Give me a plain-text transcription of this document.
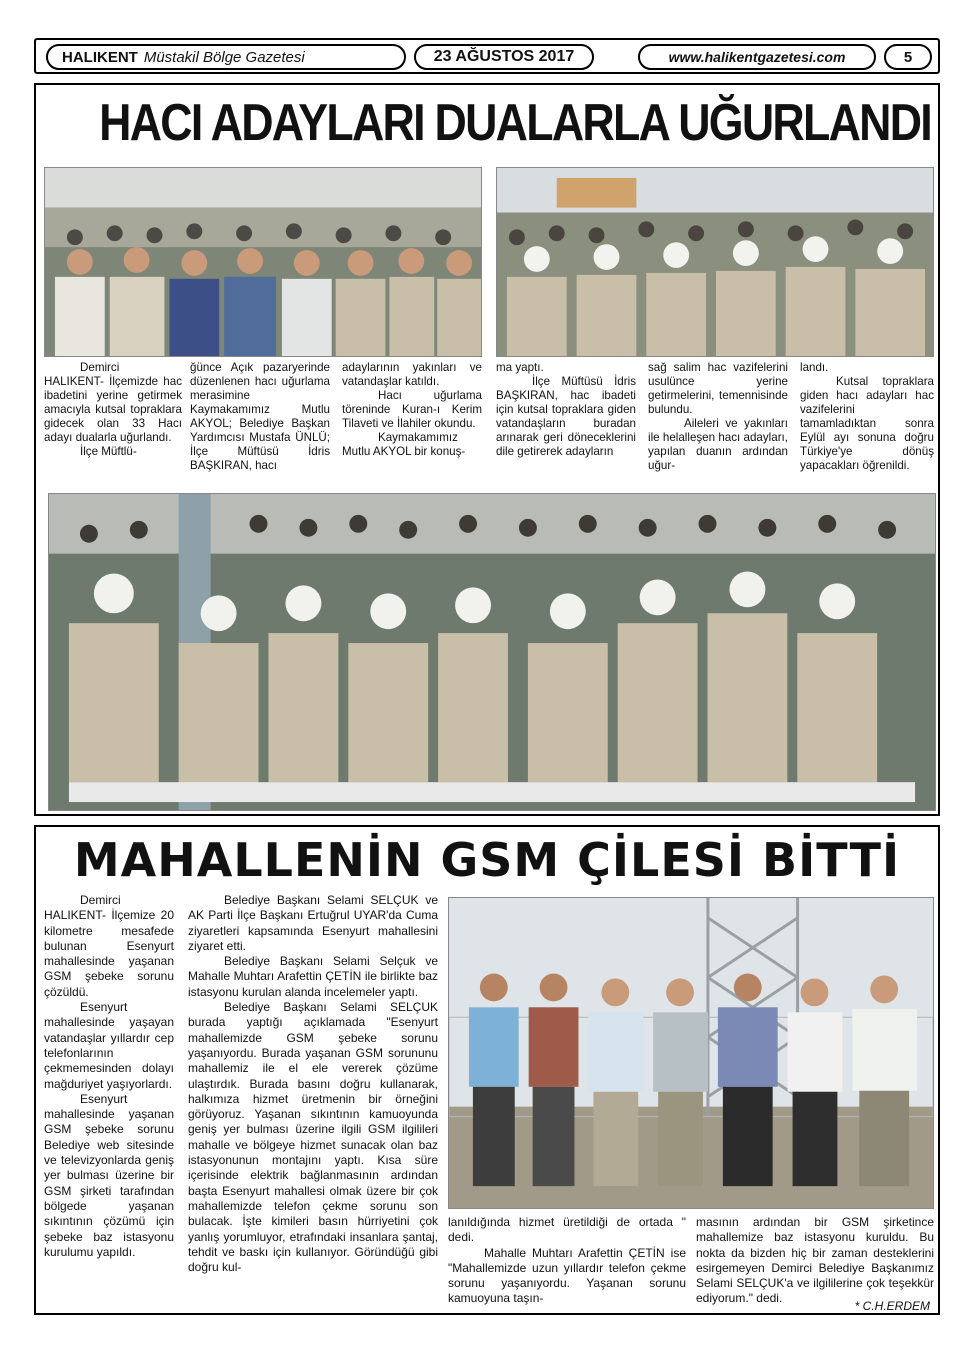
HALIKENT Müstakil Bölge Gazetesi	23 AĞUSTOS 2017	www.halikentgazetesi.com	5
HACI ADAYLARI DUALARLA UĞURLANDI

Demirci HALIKENT- İlçemizde hac ibadetini yerine getirmek amacıyla kutsal topraklara gidecek olan 33 Hacı adayı dualarla uğurlandı.

İlçe Müftlü-

ğünce Açık pazaryerinde düzenlenen hacı uğurlama merasimine Kaymakamımız Mutlu AKYOL; Belediye Başkan Yardımcısı Mustafa ÜNLÜ; İlçe Müftüsü İdris BAŞKIRAN, hacı

adaylarının yakınları ve vatandaşlar katıldı.

Hacı uğurlama töreninde Kuran-ı Kerim Tilaveti ve İlahiler okundu.

Kaymakamımız Mutlu AKYOL bir konuş-

ma yaptı.

İlçe Müftüsü İdris BAŞKIRAN, hac ibadeti için kutsal topraklara giden vatandaşların buradan arınarak geri döneceklerini dile getirerek adayların

sağ salim hac vazifelerini usulünce yerine getirmelerini, temennisinde bulundu.

Aileleri ve yakınları ile helalleşen hacı adayları, yapılan duanın ardından uğur-

landı.

Kutsal topraklara giden hacı adayları hac vazifelerini tamamladıktan sonra Eylül ayı sonuna doğru Türkiye'ye dönüş yapacakları öğrenildi.

MAHALLENİN GSM ÇİLESİ BİTTİ

Demirci HALIKENT- İlçemize 20 kilometre mesafede bulunan Esenyurt mahallesinde yaşanan GSM şebeke sorunu çözüldü.

Esenyurt mahallesinde yaşayan vatandaşlar yıllardır cep telefonlarının çekmemesinden dolayı mağduriyet yaşıyorlardı.

Esenyurt mahallesinde yaşanan GSM şebeke sorunu Belediye web sitesinde ve televizyonlarda geniş yer bulması üzerine bir GSM şirketi tarafından bölgede yaşanan sıkıntının çözümü için şebeke baz istasyonu kurulumu yapıldı.

Belediye Başkanı Selami SELÇUK ve AK Parti İlçe Başkanı Ertuğrul UYAR'da Cuma ziyaretleri kapsamında Esenyurt mahallesini ziyaret etti.

Belediye Başkanı Selami Selçuk ve Mahalle Muhtarı Arafettin ÇETİN ile birlikte baz istasyonu kurulan alanda incelemeler yaptı.

Belediye Başkanı Selami SELÇUK burada yaptığı açıklamada "Esenyurt mahallemizde GSM şebeke sorunu yaşanıyordu. Burada yaşanan GSM sorununu mahallemiz ile el ele vererek çözüme ulaştırdık. Burada basını doğru kullanarak, halkımıza hizmet üretmenin bir örneğini görüyoruz. Yaşanan sıkıntının kamuoyunda geniş yer bulması üzerine ilgili GSM ilgilileri mahalle ve bölgeye hizmet sunacak olan baz istasyonunun montajını yaptı. Kısa süre içerisinde elektrik bağlanmasının ardından başta Esenyurt mahallesi olmak üzere bir çok mahallemizde telefon çekme sorunu son bulacak. İşte kimileri basın hürriyetini çok yanlış yorumluyor, etrafındaki insanlara şantaj, tehdit ve baskı için kullanıyor. Göründüğü gibi doğru kul-

lanıldığında hizmet üretildiği de ortada " dedi.

Mahalle Muhtarı Arafettin ÇETİN ise "Mahallemizde uzun yıllardır telefon çekme sorunu yaşanıyordu. Yaşanan sorunu kamuoyuna taşın-

masının ardından bir GSM şirketince mahallemize baz istasyonu kuruldu. Bu nokta da bizden hiç bir zaman desteklerini esirgemeyen Demirci Belediye Başkanımız Selami SELÇUK'a ve ilgililerine çok teşekkür ediyorum." dedi.

* C.H.ERDEM
